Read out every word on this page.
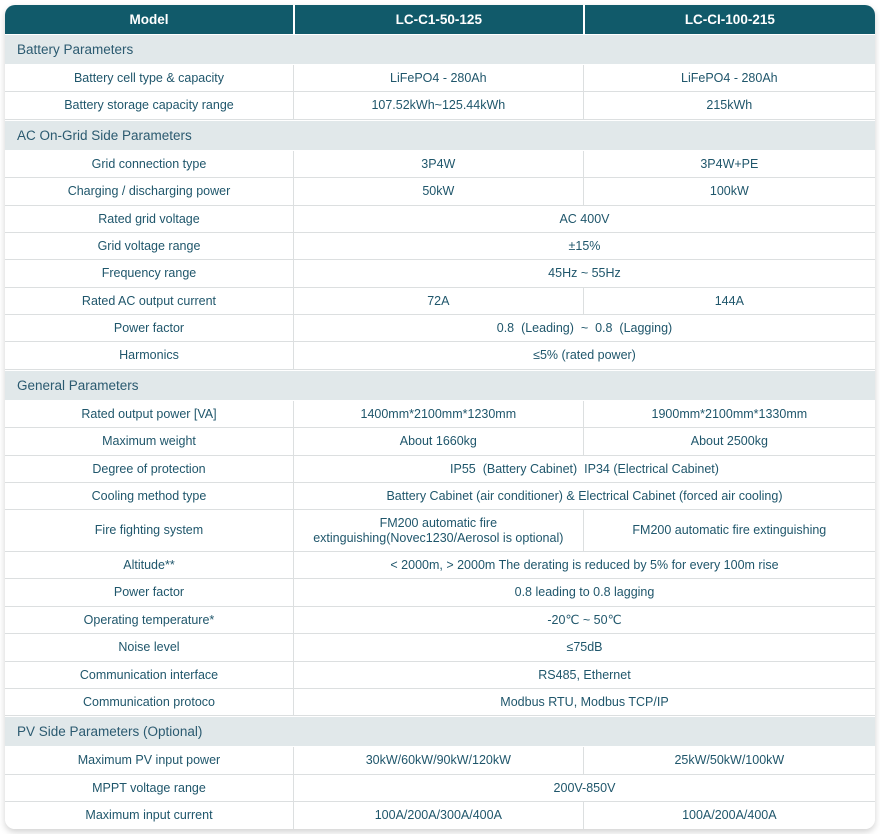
Model	LC-C1-50-125	LC-CI-100-215
Battery Parameters		
Battery cell type & capacity	LiFePO4 - 280Ah	LiFePO4 - 280Ah
Battery storage capacity range	107.52kWh~125.44kWh	215kWh
AC On-Grid Side Parameters		
Grid connection type	3P4W	3P4W+PE
Charging / discharging power	50kW	100kW
Rated grid voltage	AC 400V	
Grid voltage range	±15%	
Frequency range	45Hz ~ 55Hz	
Rated AC output current	72A	144A
Power factor	0.8  (Leading)  ~  0.8  (Lagging)	
Harmonics	≤5% (rated power)	
General Parameters		
Rated output power [VA]	1400mm*2100mm*1230mm	1900mm*2100mm*1330mm
Maximum weight	About 1660kg	About 2500kg
Degree of protection	IP55  (Battery Cabinet)  IP34 (Electrical Cabinet)	
Cooling method type	Battery Cabinet (air conditioner) & Electrical Cabinet (forced air cooling)	
Fire fighting system	FM200 automatic fire extinguishing(Novec1230/Aerosol is optional)	FM200 automatic fire extinguishing
Altitude**	< 2000m, > 2000m The derating is reduced by 5% for every 100m rise	
Power factor	0.8 leading to 0.8 lagging	
Operating temperature*	-20℃ ~ 50℃	
Noise level	≤75dB	
Communication interface	RS485, Ethernet	
Communication protoco	Modbus RTU, Modbus TCP/IP	
PV Side Parameters (Optional)		
Maximum PV input power	30kW/60kW/90kW/120kW	25kW/50kW/100kW
MPPT voltage range	200V-850V	
Maximum input current	100A/200A/300A/400A	100A/200A/400A
